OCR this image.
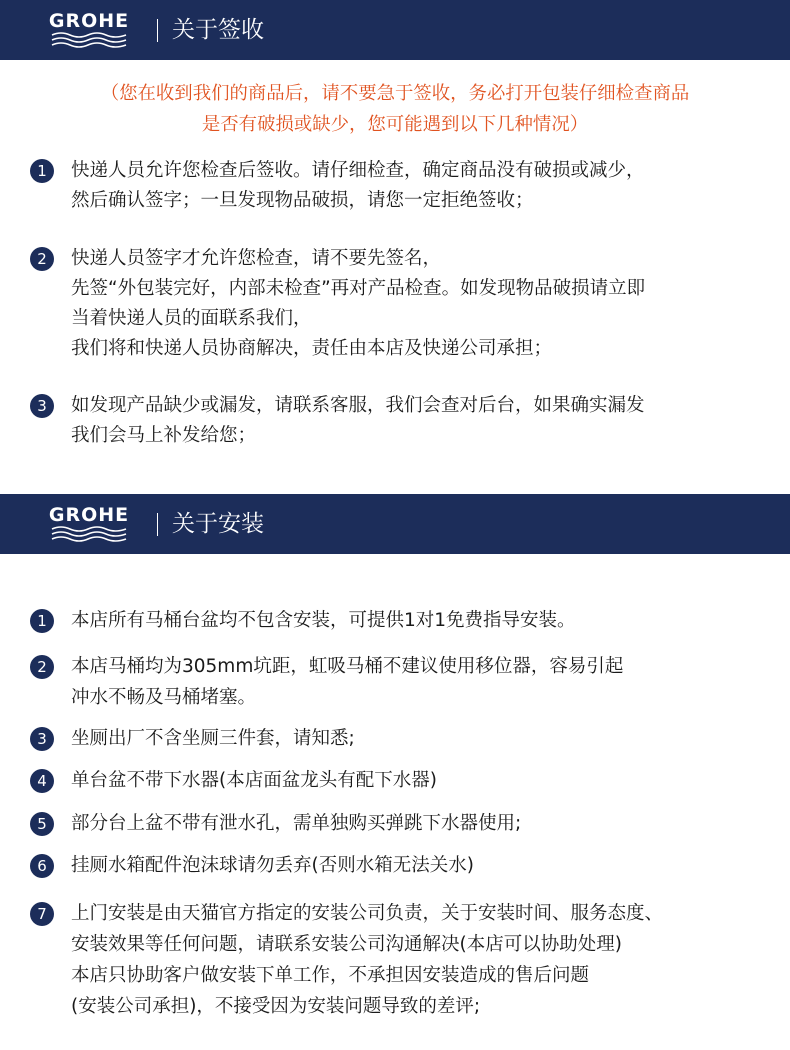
GROHE 关于签收
（您在收到我们的商品后，请不要急于签收，务必打开包装仔细检查商品
是否有破损或缺少，您可能遇到以下几种情况）
1	快递人员允许您检查后签收。请仔细检查，确定商品没有破损或减少，
然后确认签字；一旦发现物品破损，请您一定拒绝签收；
2	快递人员签字才允许您检查，请不要先签名，
先签“外包装完好，内部未检查”再对产品检查。如发现物品破损请立即
当着快递人员的面联系我们，
我们将和快递人员协商解决，责任由本店及快递公司承担；
3	如发现产品缺少或漏发，请联系客服，我们会查对后台，如果确实漏发
我们会马上补发给您；
GROHE 关于安装
1	本店所有马桶台盆均不包含安装，可提供1对1免费指导安装。
2	本店马桶均为305mm坑距，虹吸马桶不建议使用移位器，容易引起
冲水不畅及马桶堵塞。
3	坐厕出厂不含坐厕三件套，请知悉;
4	单台盆不带下水器(本店面盆龙头有配下水器)
5	部分台上盆不带有泄水孔，需单独购买弹跳下水器使用;
6	挂厕水箱配件泡沫球请勿丢弃(否则水箱无法关水)
7	上门安装是由天猫官方指定的安装公司负责，关于安装时间、服务态度、
安装效果等任何问题，请联系安装公司沟通解决(本店可以协助处理)
本店只协助客户做安装下单工作，不承担因安装造成的售后问题
(安装公司承担)，不接受因为安装问题导致的差评;
